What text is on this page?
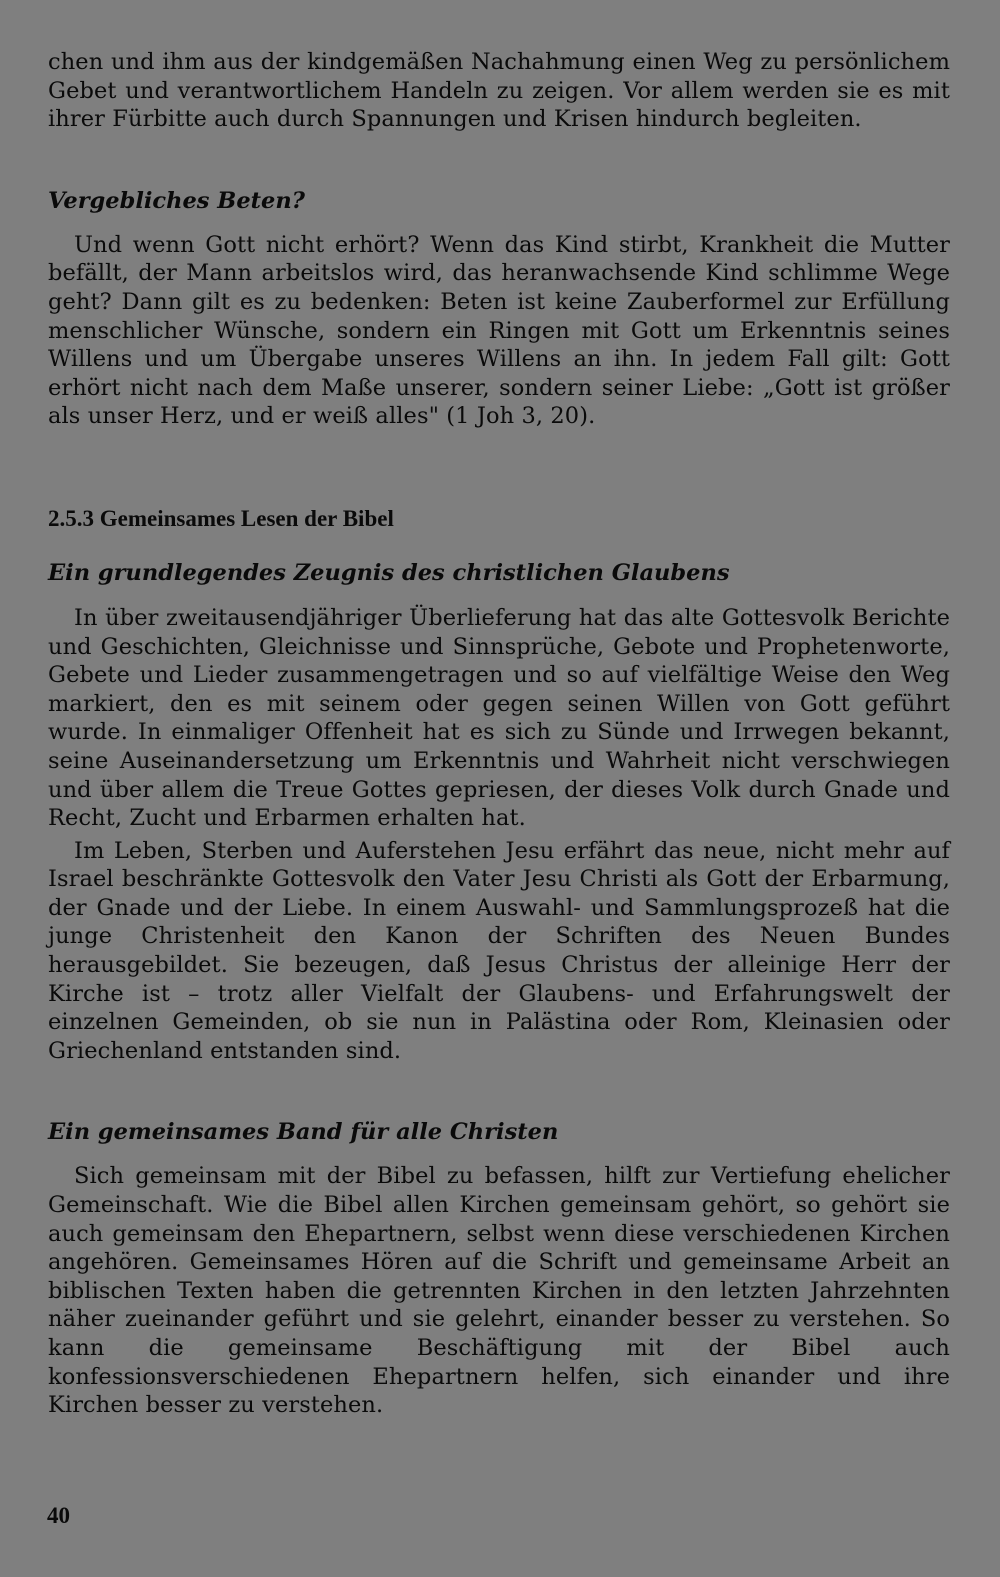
chen und ihm aus der kindgemäßen Nachahmung einen Weg zu persönlichem Gebet und verantwortlichem Handeln zu zeigen. Vor allem werden sie es mit ihrer Fürbitte auch durch Spannungen und Krisen hindurch begleiten.

Vergebliches Beten?

Und wenn Gott nicht erhört? Wenn das Kind stirbt, Krankheit die Mutter befällt, der Mann arbeitslos wird, das heranwachsende Kind schlimme Wege geht? Dann gilt es zu bedenken: Beten ist keine Zauberformel zur Erfüllung menschlicher Wünsche, sondern ein Ringen mit Gott um Erkenntnis seines Willens und um Übergabe unseres Willens an ihn. In jedem Fall gilt: Gott erhört nicht nach dem Maße unserer, sondern seiner Liebe: „Gott ist größer als unser Herz, und er weiß alles" (1 Joh 3, 20).

2.5.3 Gemeinsames Lesen der Bibel
Ein grundlegendes Zeugnis des christlichen Glaubens

In über zweitausendjähriger Überlieferung hat das alte Gottesvolk Berichte und Geschichten, Gleichnisse und Sinnsprüche, Gebote und Prophetenworte, Gebete und Lieder zusammengetragen und so auf vielfältige Weise den Weg markiert, den es mit seinem oder gegen seinen Willen von Gott geführt wurde. In einmaliger Offenheit hat es sich zu Sünde und Irrwegen bekannt, seine Auseinandersetzung um Erkenntnis und Wahrheit nicht verschwiegen und über allem die Treue Gottes gepriesen, der dieses Volk durch Gnade und Recht, Zucht und Erbarmen erhalten hat.

Im Leben, Sterben und Auferstehen Jesu erfährt das neue, nicht mehr auf Israel beschränkte Gottesvolk den Vater Jesu Christi als Gott der Erbarmung, der Gnade und der Liebe. In einem Auswahl- und Sammlungsprozeß hat die junge Christenheit den Kanon der Schriften des Neuen Bundes herausgebildet. Sie bezeugen, daß Jesus Christus der alleinige Herr der Kirche ist – trotz aller Vielfalt der Glaubens- und Erfahrungswelt der einzelnen Gemeinden, ob sie nun in Palästina oder Rom, Kleinasien oder Griechenland entstanden sind.

Ein gemeinsames Band für alle Christen

Sich gemeinsam mit der Bibel zu befassen, hilft zur Vertiefung ehelicher Gemeinschaft. Wie die Bibel allen Kirchen gemeinsam gehört, so gehört sie auch gemeinsam den Ehepartnern, selbst wenn diese verschiedenen Kirchen angehören. Gemeinsames Hören auf die Schrift und gemeinsame Arbeit an biblischen Texten haben die getrennten Kirchen in den letzten Jahrzehnten näher zueinander geführt und sie gelehrt, einander besser zu verstehen. So kann die gemeinsame Beschäftigung mit der Bibel auch konfessionsverschiedenen Ehepartnern helfen, sich einander und ihre Kirchen besser zu verstehen.

40
